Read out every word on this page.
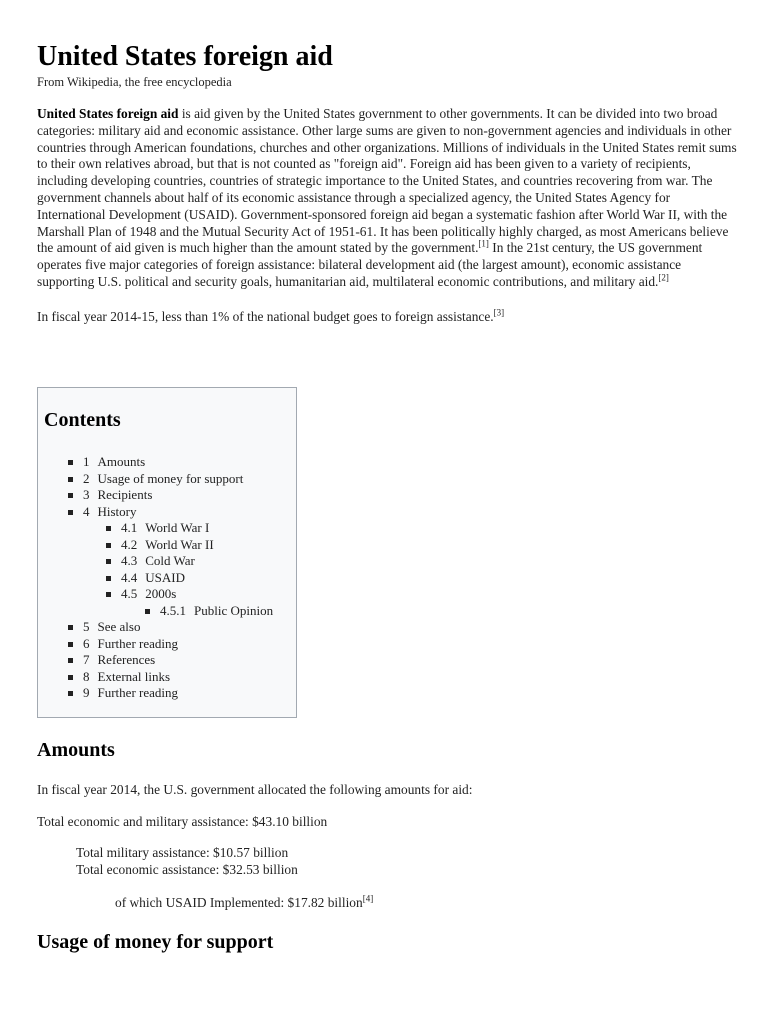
United States foreign aid

From Wikipedia, the free encyclopedia

United States foreign aid is aid given by the United States government to other governments. It can be divided into two broad categories: military aid and economic assistance. Other large sums are given to non-government agencies and individuals in other countries through American foundations, churches and other organizations. Millions of individuals in the United States remit sums to their own relatives abroad, but that is not counted as "foreign aid". Foreign aid has been given to a variety of recipients, including developing countries, countries of strategic importance to the United States, and countries recovering from war. The government channels about half of its economic assistance through a specialized agency, the United States Agency for International Development (USAID). Government-sponsored foreign aid began a systematic fashion after World War II, with the Marshall Plan of 1948 and the Mutual Security Act of 1951-61. It has been politically highly charged, as most Americans believe the amount of aid given is much higher than the amount stated by the government.[1] In the 21st century, the US government operates five major categories of foreign assistance: bilateral development aid (the largest amount), economic assistance supporting U.S. political and security goals, humanitarian aid, multilateral economic contributions, and military aid.[2]

In fiscal year 2014-15, less than 1% of the national budget goes to foreign assistance.[3]

Contents
1 Amounts
2 Usage of money for support
3 Recipients
4 History
4.1 World War I
4.2 World War II
4.3 Cold War
4.4 USAID
4.5 2000s
4.5.1 Public Opinion
5 See also
6 Further reading
7 References
8 External links
9 Further reading
Amounts

In fiscal year 2014, the U.S. government allocated the following amounts for aid:

Total economic and military assistance: $43.10 billion

Total military assistance: $10.57 billion

Total economic assistance: $32.53 billion

of which USAID Implemented: $17.82 billion[4]

Usage of money for support
